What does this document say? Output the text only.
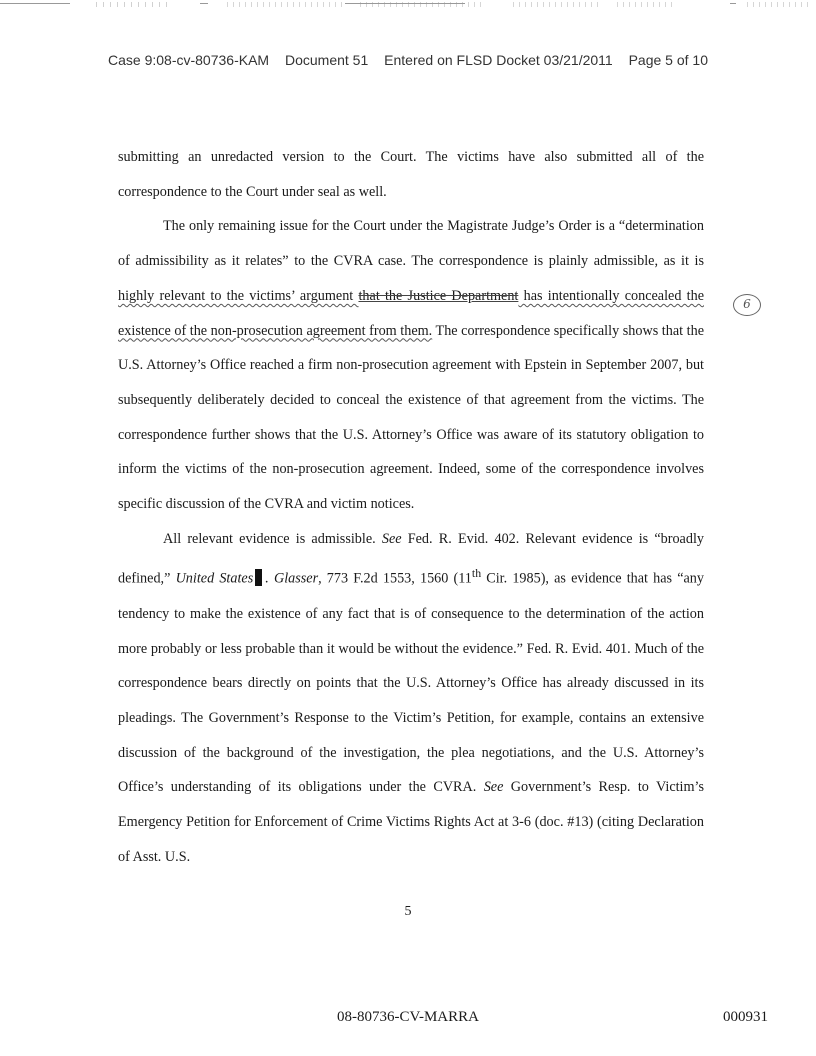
Case 9:08-cv-80736-KAM Document 51 Entered on FLSD Docket 03/21/2011 Page 5 of 10
6

submitting an unredacted version to the Court. The victims have also submitted all of the correspondence to the Court under seal as well.

The only remaining issue for the Court under the Magistrate Judge’s Order is a “determination of admissibility as it relates” to the CVRA case. The correspondence is plainly admissible, as it is highly relevant to the victims’ argument that the Justice Department has intentionally concealed the existence of the non-prosecution agreement from them. The correspondence specifically shows that the U.S. Attorney’s Office reached a firm non-prosecution agreement with Epstein in September 2007, but subsequently deliberately decided to conceal the existence of that agreement from the victims. The correspondence further shows that the U.S. Attorney’s Office was aware of its statutory obligation to inform the victims of the non-prosecution agreement. Indeed, some of the correspondence involves specific discussion of the CVRA and victim notices.

All relevant evidence is admissible. See Fed. R. Evid. 402. Relevant evidence is “broadly defined,” United States . Glasser, 773 F.2d 1553, 1560 (11th Cir. 1985), as evidence that has “any tendency to make the existence of any fact that is of consequence to the determination of the action more probably or less probable than it would be without the evidence.” Fed. R. Evid. 401. Much of the correspondence bears directly on points that the U.S. Attorney’s Office has already discussed in its pleadings. The Government’s Response to the Victim’s Petition, for example, contains an extensive discussion of the background of the investigation, the plea negotiations, and the U.S. Attorney’s Office’s understanding of its obligations under the CVRA. See Government’s Resp. to Victim’s Emergency Petition for Enforcement of Crime Victims Rights Act at 3-6 (doc. #13) (citing Declaration of Asst. U.S.

5
08-80736-CV-MARRA	000931
